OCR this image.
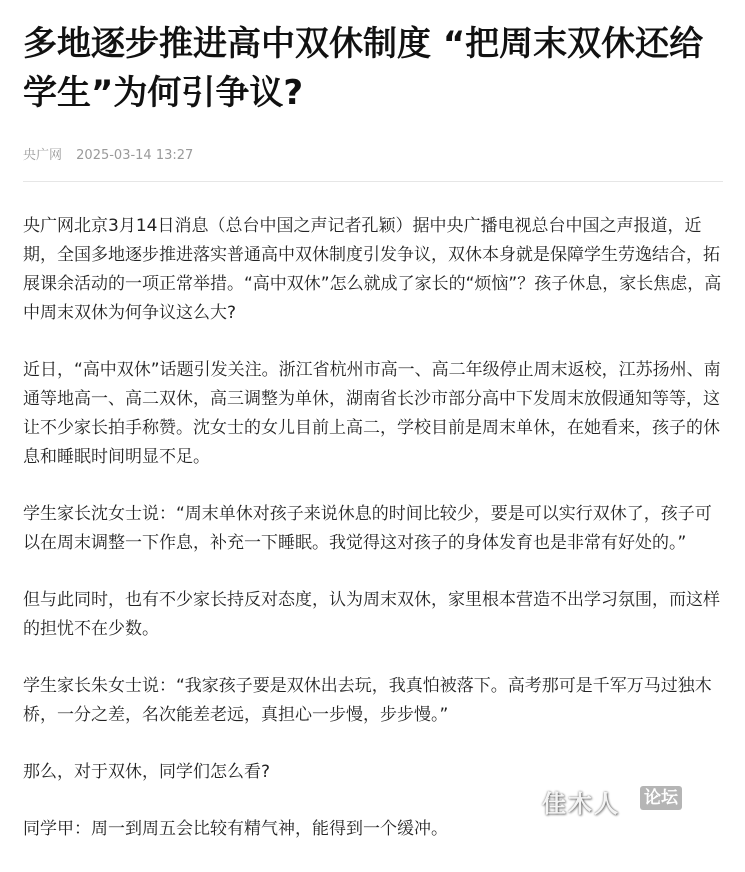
多地逐步推进高中双休制度 “把周末双休还给学生”为何引争议?
央广网 2025-03-14 13:27

央广网北京3月14日消息（总台中国之声记者孔颖）据中央广播电视总台中国之声报道，近期，全国多地逐步推进落实普通高中双休制度引发争议，双休本身就是保障学生劳逸结合，拓展课余活动的一项正常举措。“高中双休”怎么就成了家长的“烦恼”？孩子休息，家长焦虑，高中周末双休为何争议这么大?

近日，“高中双休”话题引发关注。浙江省杭州市高一、高二年级停止周末返校，江苏扬州、南通等地高一、高二双休，高三调整为单休，湖南省长沙市部分高中下发周末放假通知等等，这让不少家长拍手称赞。沈女士的女儿目前上高二，学校目前是周末单休，在她看来，孩子的休息和睡眠时间明显不足。

学生家长沈女士说：“周末单休对孩子来说休息的时间比较少，要是可以实行双休了，孩子可以在周末调整一下作息，补充一下睡眠。我觉得这对孩子的身体发育也是非常有好处的。”

但与此同时，也有不少家长持反对态度，认为周末双休，家里根本营造不出学习氛围，而这样的担忧不在少数。

学生家长朱女士说：“我家孩子要是双休出去玩，我真怕被落下。高考那可是千军万马过独木桥，一分之差，名次能差老远，真担心一步慢，步步慢。”

那么，对于双休，同学们怎么看?

同学甲：周一到周五会比较有精气神，能得到一个缓冲。

佳木人 论坛
